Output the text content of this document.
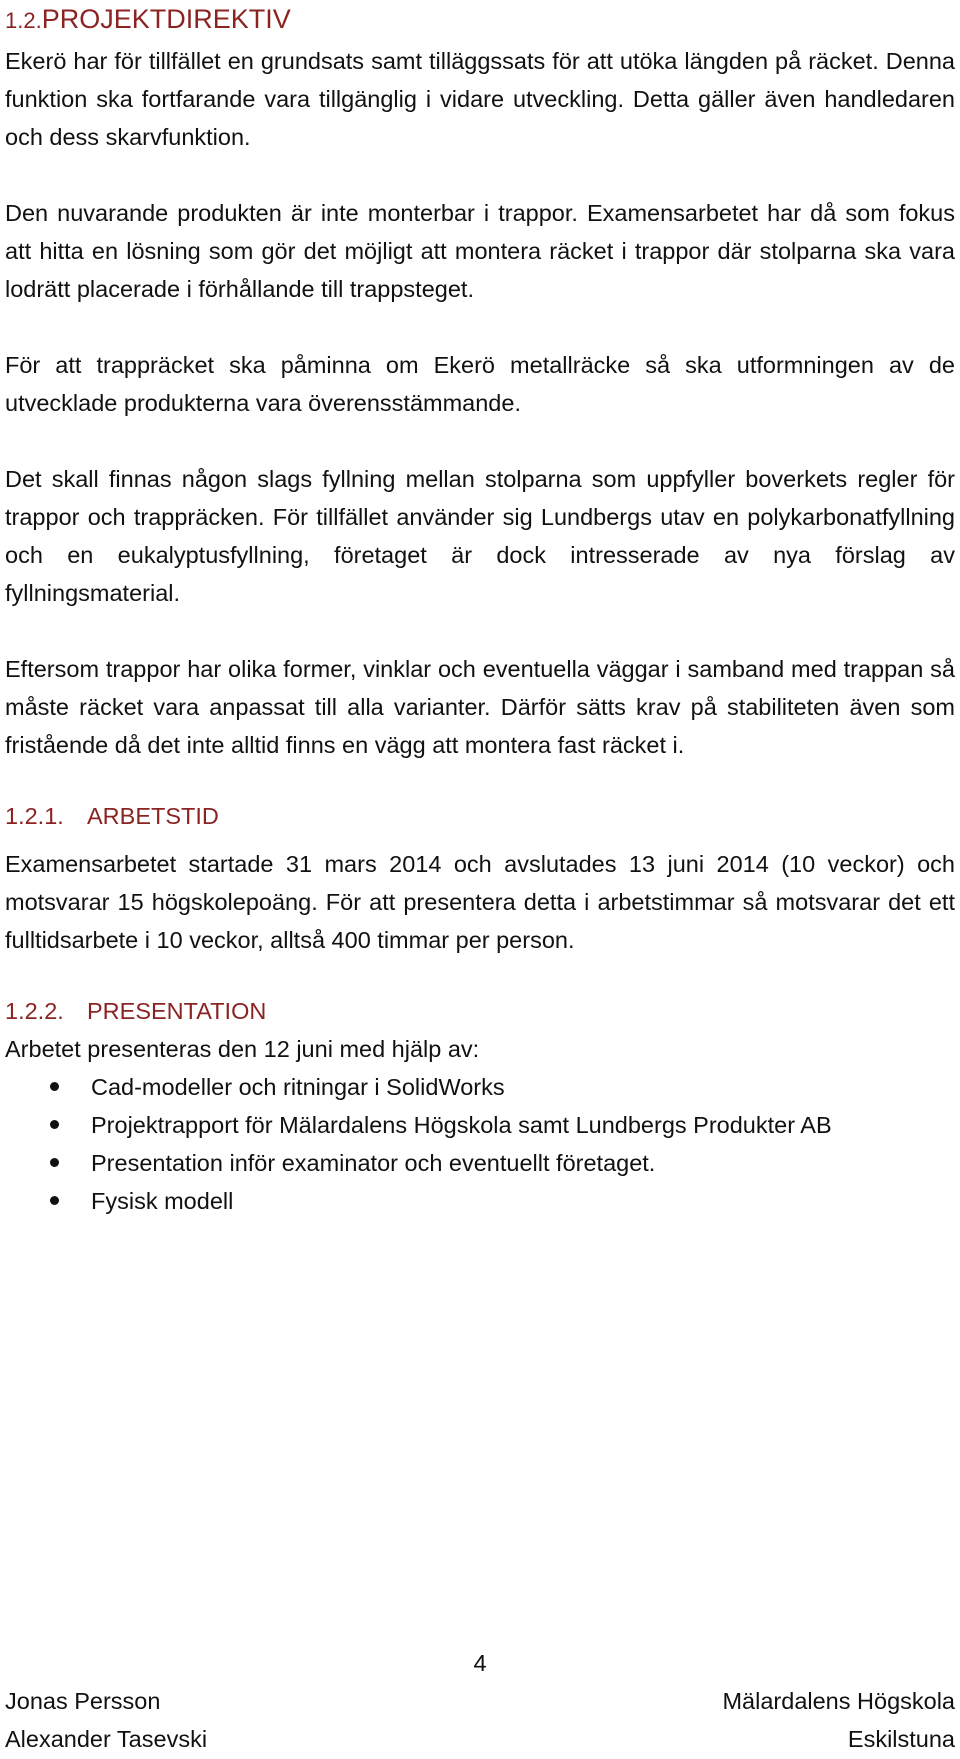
1.2.PROJEKTDIREKTIV

Ekerö har för tillfället en grundsats samt tilläggssats för att utöka längden på räcket. Denna funktion ska fortfarande vara tillgänglig i vidare utveckling. Detta gäller även handledaren och dess skarvfunktion.

Den nuvarande produkten är inte monterbar i trappor. Examensarbetet har då som fokus att hitta en lösning som gör det möjligt att montera räcket i trappor där stolparna ska vara lodrätt placerade i förhållande till trappsteget.

För att trappräcket ska påminna om Ekerö metallräcke så ska utformningen av de utvecklade produkterna vara överensstämmande.

Det skall finnas någon slags fyllning mellan stolparna som uppfyller boverkets regler för trappor och trappräcken. För tillfället använder sig Lundbergs utav en polykarbonatfyllning och en eukalyptusfyllning, företaget är dock intresserade av nya förslag av fyllningsmaterial.

Eftersom trappor har olika former, vinklar och eventuella väggar i samband med trappan så måste räcket vara anpassat till alla varianter. Därför sätts krav på stabiliteten även som fristående då det inte alltid finns en vägg att montera fast räcket i.

1.2.1. ARBETSTID

Examensarbetet startade 31 mars 2014 och avslutades 13 juni 2014 (10 veckor) och motsvarar 15 högskolepoäng. För att presentera detta i arbetstimmar så motsvarar det ett fulltidsarbete i 10 veckor, alltså 400 timmar per person.

1.2.2. PRESENTATION

Arbetet presenteras den 12 juni med hjälp av:

Cad-modeller och ritningar i SolidWorks
Projektrapport för Mälardalens Högskola samt Lundbergs Produkter AB
Presentation inför examinator och eventuellt företaget.
Fysisk modell
4
Jonas Persson	Mälardalens Högskola
Alexander Tasevski	Eskilstuna
